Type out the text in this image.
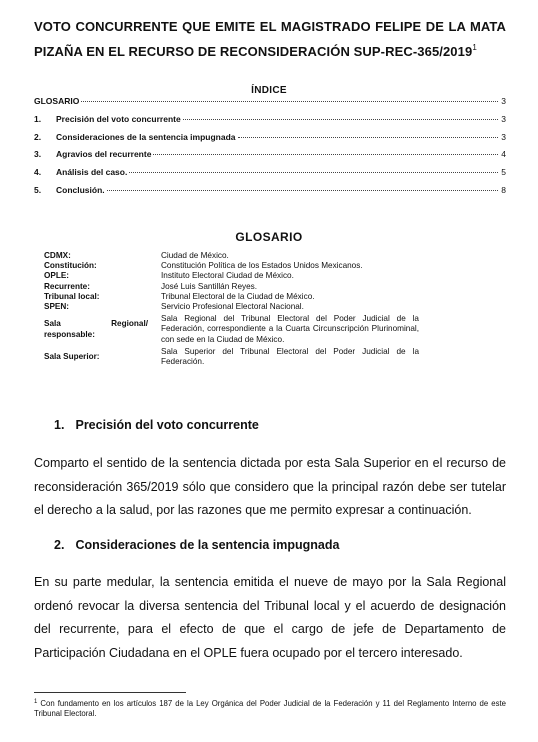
VOTO CONCURRENTE QUE EMITE EL MAGISTRADO FELIPE DE LA MATA PIZAÑA EN EL RECURSO DE RECONSIDERACIÓN SUP-REC-365/2019$^1$
ÍNDICE
GLOSARIO	3
1.	Precisión del voto concurrente	3
2.	Consideraciones de la sentencia impugnada	3
3.	Agravios del recurrente	4
4.	Análisis del caso.	5
5.	Conclusión.	8
GLOSARIO
CDMX:	Ciudad de México.
Constitución:	Constitución Política de los Estados Unidos Mexicanos.
OPLE:	Instituto Electoral Ciudad de México.
Recurrente:	José Luis Santillán Reyes.
Tribunal local:	Tribunal Electoral de la Ciudad de México.
SPEN:	Servicio Profesional Electoral Nacional.
Sala Regional/ responsable:
Sala Regional del Tribunal Electoral del Poder Judicial de la Federación, correspondiente a la Cuarta Circunscripción Plurinominal, con sede en la Ciudad de México.
Sala Superior:
Sala Superior del Tribunal Electoral del Poder Judicial de la Federación.
1. Precisión del voto concurrente
Comparto el sentido de la sentencia dictada por esta Sala Superior en el recurso de reconsideración 365/2019 sólo que considero que la principal razón debe ser tutelar el derecho a la salud, por las razones que me permito expresar a continuación.
2. Consideraciones de la sentencia impugnada
En su parte medular, la sentencia emitida el nueve de mayo por la Sala Regional ordenó revocar la diversa sentencia del Tribunal local y el acuerdo de designación del recurrente, para el efecto de que el cargo de jefe de Departamento de Participación Ciudadana en el OPLE fuera ocupado por el tercero interesado.
$^1$ Con fundamento en los artículos 187 de la Ley Orgánica del Poder Judicial de la Federación y 11 del Reglamento Interno de este Tribunal Electoral.
